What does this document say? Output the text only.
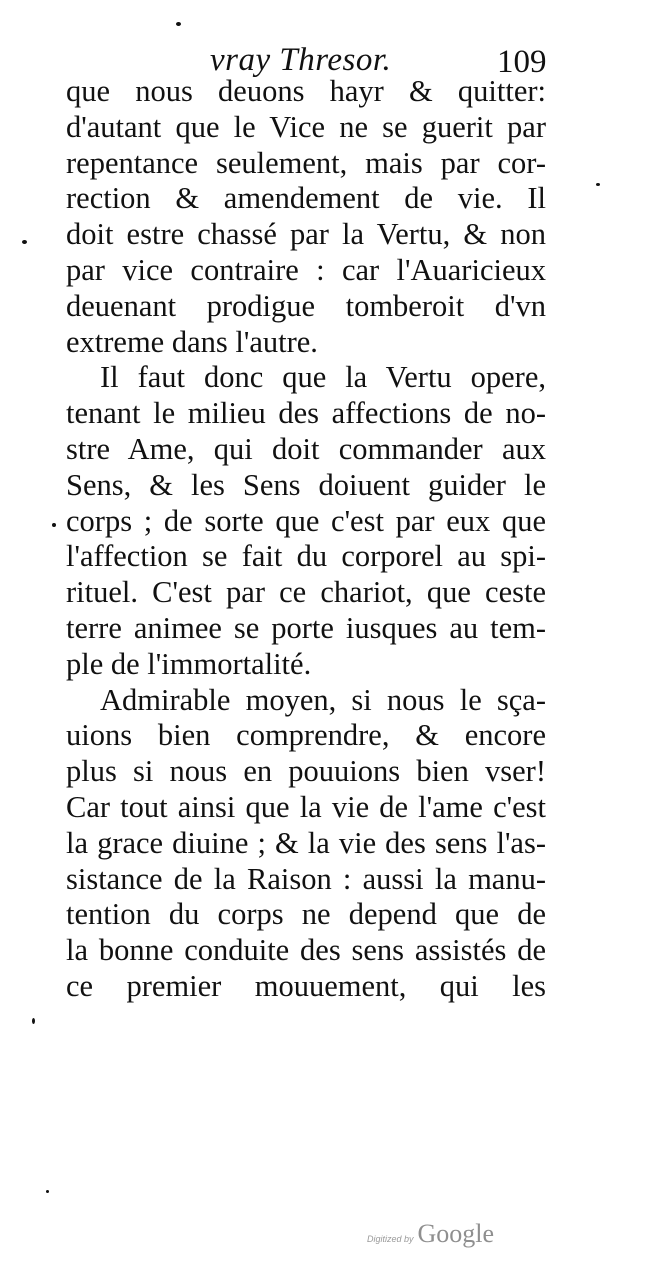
vray Thresor.	109

que nous deuons hayr & quitter:
d'autant que le Vice ne se guerit par
repentance seulement, mais par cor-
rection & amendement de vie. Il
doit estre chassé par la Vertu, & non
par vice contraire : car l'Auaricieux
deuenant prodigue tomberoit d'vn
extreme dans l'autre.

Il faut donc que la Vertu opere,
tenant le milieu des affections de no-
stre Ame, qui doit commander aux
Sens, & les Sens doiuent guider le
corps ; de sorte que c'est par eux que
l'affection se fait du corporel au spi-
rituel. C'est par ce chariot, que ceste
terre animee se porte iusques au tem-
ple de l'immortalité.

Admirable moyen, si nous le sça-
uions bien comprendre, & encore
plus si nous en pouuions bien vser!
Car tout ainsi que la vie de l'ame c'est
la grace diuine ; & la vie des sens l'as-
sistance de la Raison : aussi la manu-
tention du corps ne depend que de
la bonne conduite des sens assistés de
ce premier mouuement, qui les

Digitized by Google
